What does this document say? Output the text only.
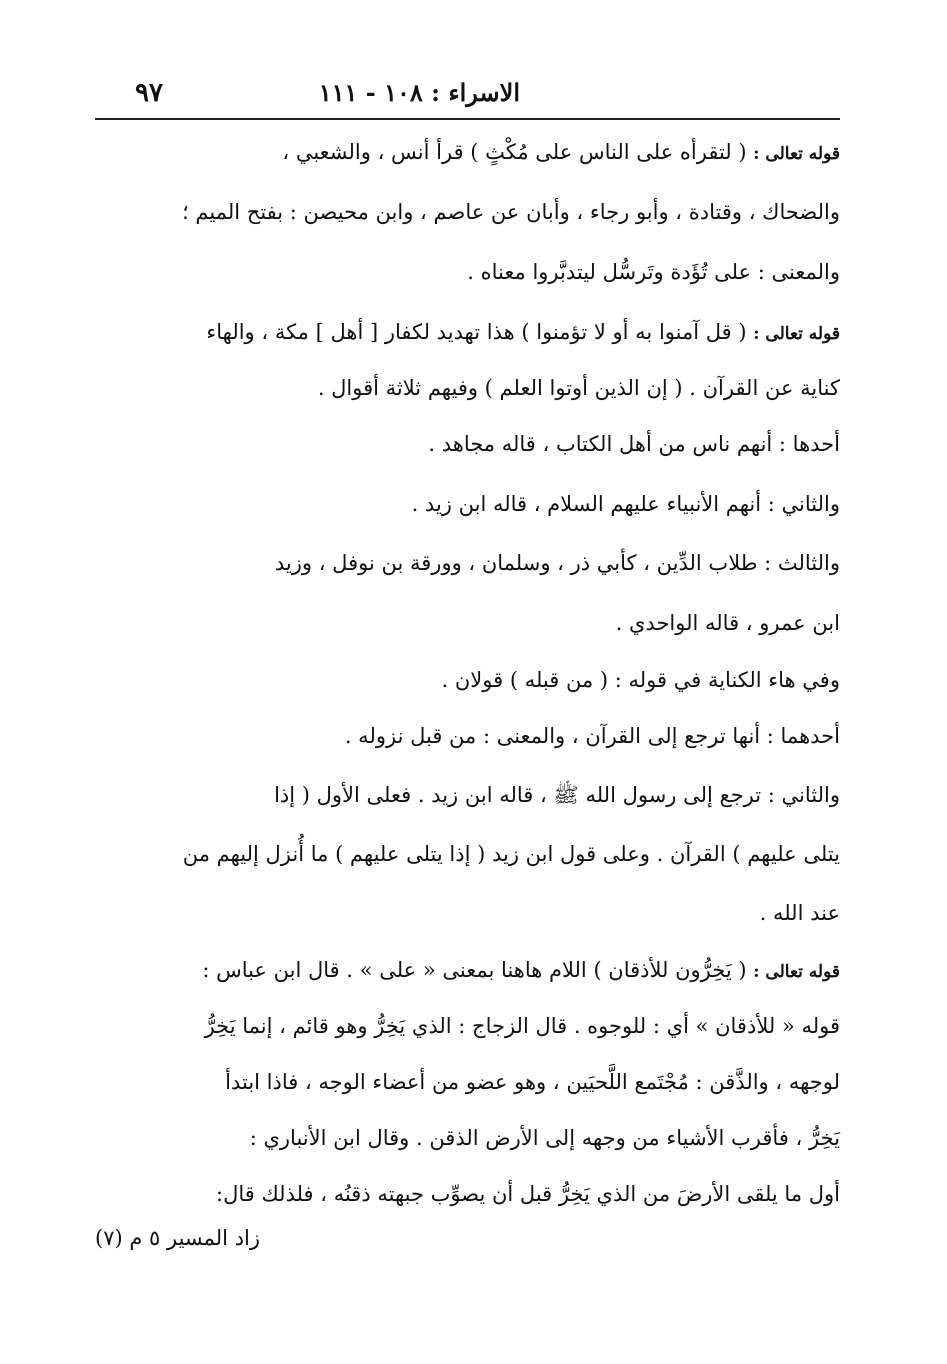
٩٧	الاسراء : ١٠٨ - ١١١
قوله تعالى : ( لتقرأه على الناس على مُكْثٍ ) قرأ أنس ، والشعبي ،
والضحاك ، وقتادة ، وأبو رجاء ، وأبان عن عاصم ، وابن محيصن : بفتح الميم ؛
والمعنى : على تُؤَدة وتَرسُّل ليتدبَّروا معناه .
قوله تعالى : ( قل آمنوا به أو لا تؤمنوا ) هذا تهديد لكفار [ أهل ] مكة ، والهاء
كناية عن القرآن . ( إن الذين أوتوا العلم ) وفيهم ثلاثة أقوال .
أحدها : أنهم ناس من أهل الكتاب ، قاله مجاهد .
والثاني : أنهم الأنبياء عليهم السلام ، قاله ابن زيد .
والثالث : طلاب الدِّين ، كأبي ذر ، وسلمان ، وورقة بن نوفل ، وزيد
ابن عمرو ، قاله الواحدي .
وفي هاء الكناية في قوله : ( من قبله ) قولان .
أحدهما : أنها ترجع إلى القرآن ، والمعنى : من قبل نزوله .
والثاني : ترجع إلى رسول الله ﷺ ، قاله ابن زيد . فعلى الأول ( إذا
يتلى عليهم ) القرآن . وعلى قول ابن زيد ( إذا يتلى عليهم ) ما أُنزل إليهم من
عند الله .
قوله تعالى : ( يَخِرُّون للأذقان ) اللام هاهنا بمعنى « على » . قال ابن عباس :
قوله « للأذقان » أي : للوجوه . قال الزجاج : الذي يَخِرُّ وهو قائم ، إنما يَخِرُّ
لوجهه ، والذَّقن : مُجْتَمع اللَّحيَين ، وهو عضو من أعضاء الوجه ، فاذا ابتدأ
يَخِرُّ ، فأقرب الأشياء من وجهه إلى الأرض الذقن . وقال ابن الأنباري :
أول ما يلقى الأرضَ من الذي يَخِرُّ قبل أن يصوِّب جبهته ذقنُه ، فلذلك قال:
زاد المسير ٥ م (٧)
